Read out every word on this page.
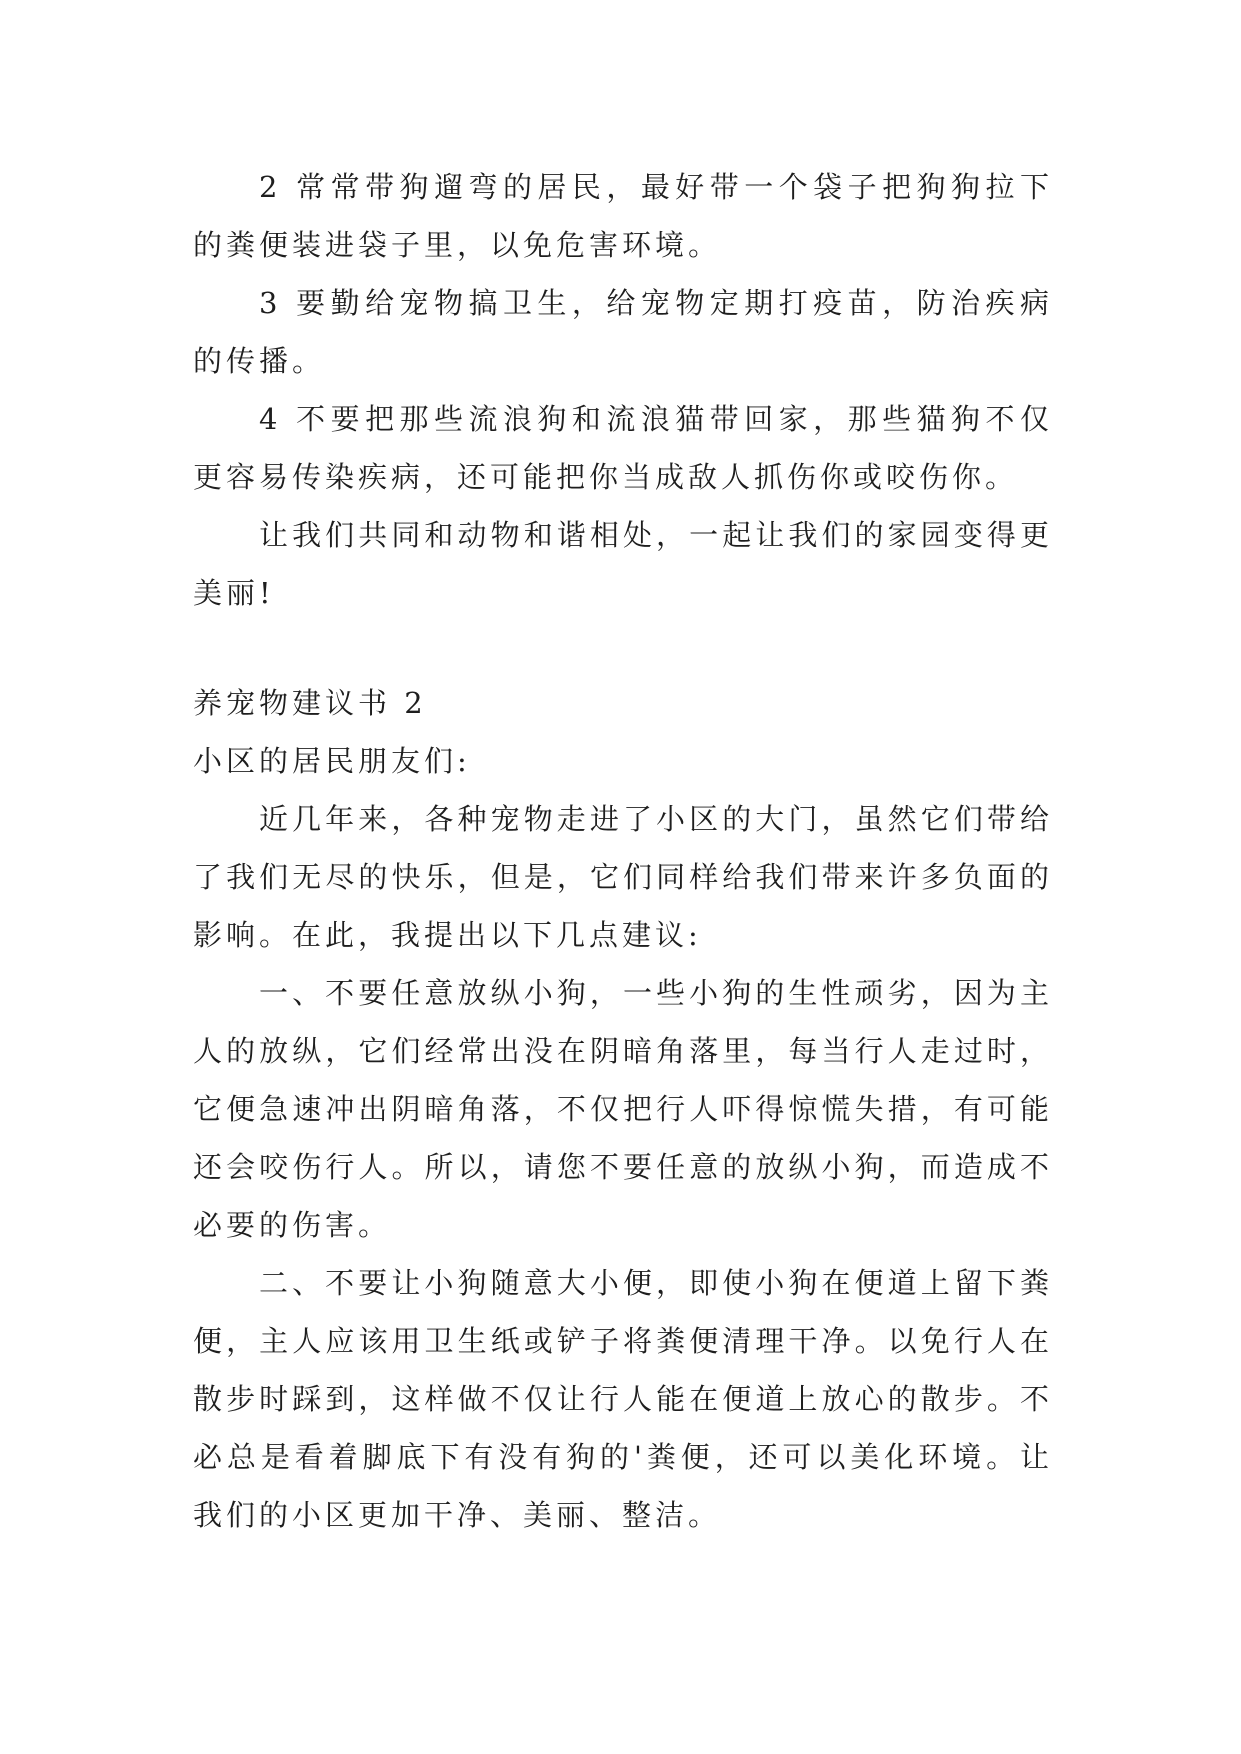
2 常常带狗遛弯的居民，最好带一个袋子把狗狗拉下的粪便装进袋子里，以免危害环境。

3 要勤给宠物搞卫生，给宠物定期打疫苗，防治疾病的传播。

4 不要把那些流浪狗和流浪猫带回家，那些猫狗不仅更容易传染疾病，还可能把你当成敌人抓伤你或咬伤你。

让我们共同和动物和谐相处，一起让我们的家园变得更美丽!

养宠物建议书 2

小区的居民朋友们:

近几年来，各种宠物走进了小区的大门，虽然它们带给了我们无尽的快乐，但是，它们同样给我们带来许多负面的影响。在此，我提出以下几点建议:

一、不要任意放纵小狗，一些小狗的生性顽劣，因为主人的放纵，它们经常出没在阴暗角落里，每当行人走过时，它便急速冲出阴暗角落，不仅把行人吓得惊慌失措，有可能还会咬伤行人。所以，请您不要任意的放纵小狗，而造成不必要的伤害。

二、不要让小狗随意大小便，即使小狗在便道上留下粪便，主人应该用卫生纸或铲子将粪便清理干净。以免行人在散步时踩到，这样做不仅让行人能在便道上放心的散步。不必总是看着脚底下有没有狗的'粪便，还可以美化环境。让我们的小区更加干净、美丽、整洁。
